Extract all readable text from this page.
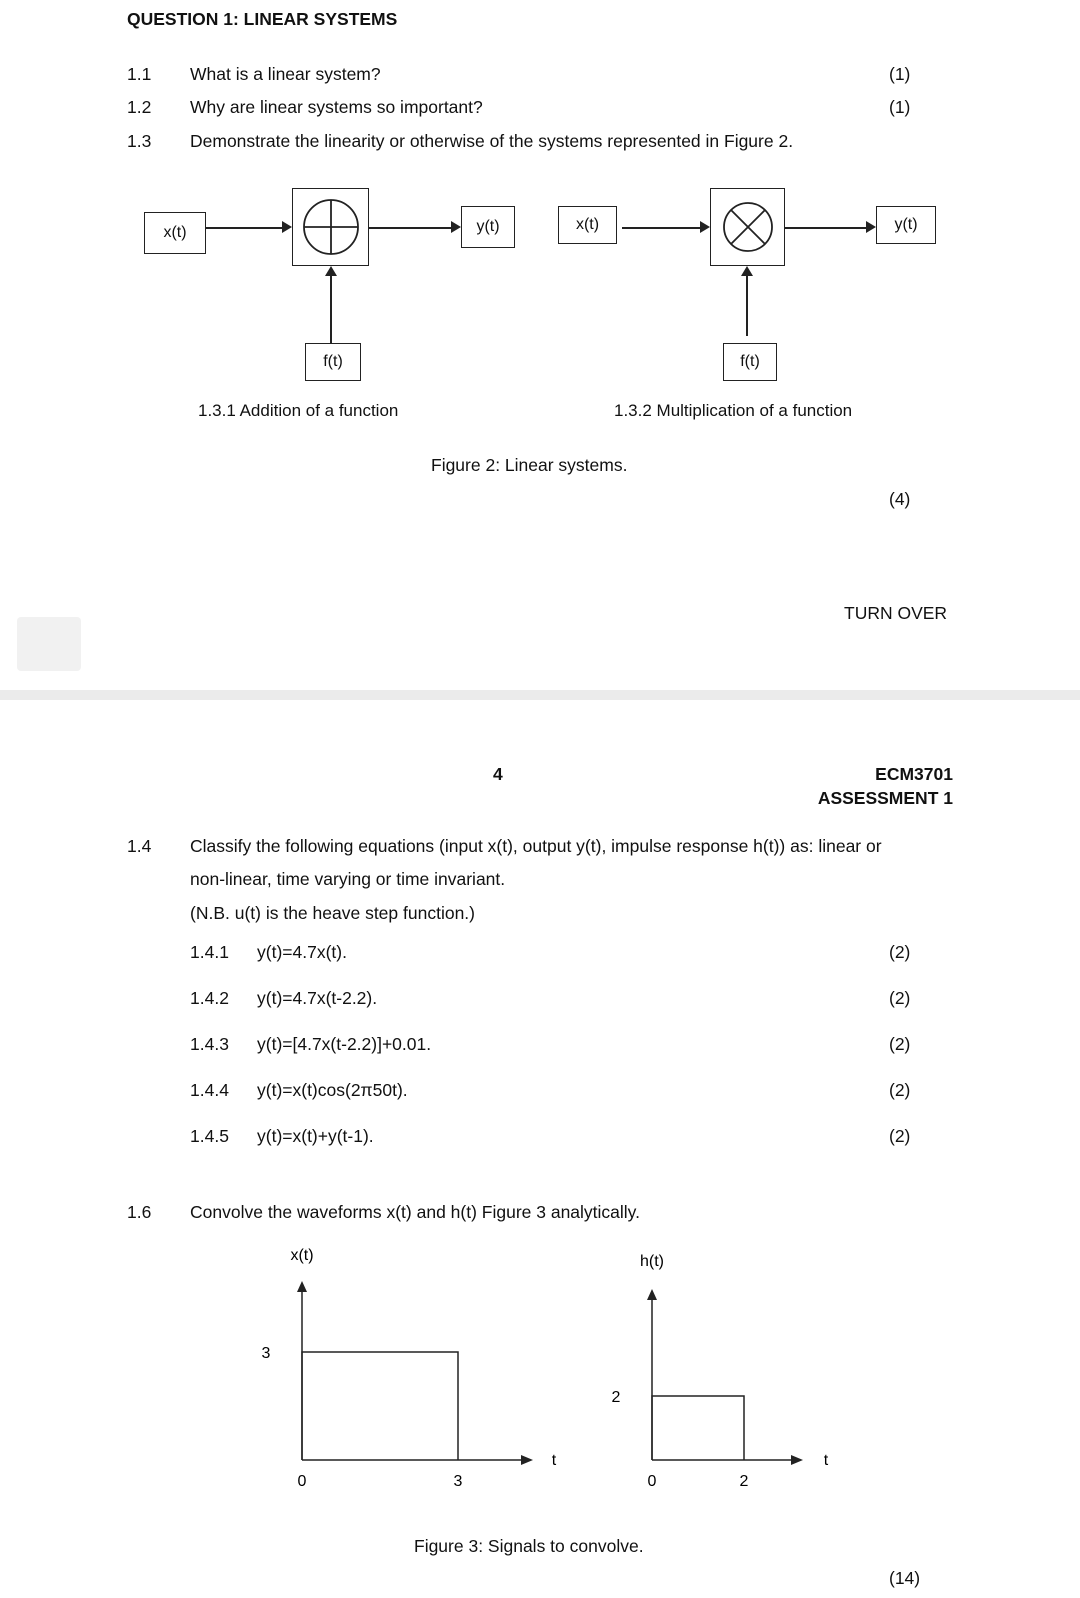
QUESTION 1: LINEAR SYSTEMS
1.1 What is a linear system?	(1)
1.2 Why are linear systems so important?	(1)
1.3 Demonstrate the linearity or otherwise of the systems represented in Figure 2.
x(t)	y(t)
f(t)
1.3.1 Addition of a function
x(t)	y(t)
f(t)
1.3.2 Multiplication of a function
Figure 2: Linear systems.
(4)
TURN OVER
4	ECM3701
ASSESSMENT 1
1.4 Classify the following equations (input x(t), output y(t), impulse response h(t)) as: linear or
non-linear, time varying or time invariant.
(N.B. u(t) is the heave step function.)
1.4.1 y(t)=4.7x(t).	(2)
1.4.2 y(t)=4.7x(t-2.2).	(2)
1.4.3 y(t)=[4.7x(t-2.2)]+0.01.	(2)
1.4.4 y(t)=x(t)cos(2π50t).	(2)
1.4.5 y(t)=x(t)+y(t-1).	(2)
1.6 Convolve the waveforms x(t) and h(t) Figure 3 analytically.
x(t)
t
0	3
3
h(t)
t
0	2
2
Figure 3: Signals to convolve.
(14)
